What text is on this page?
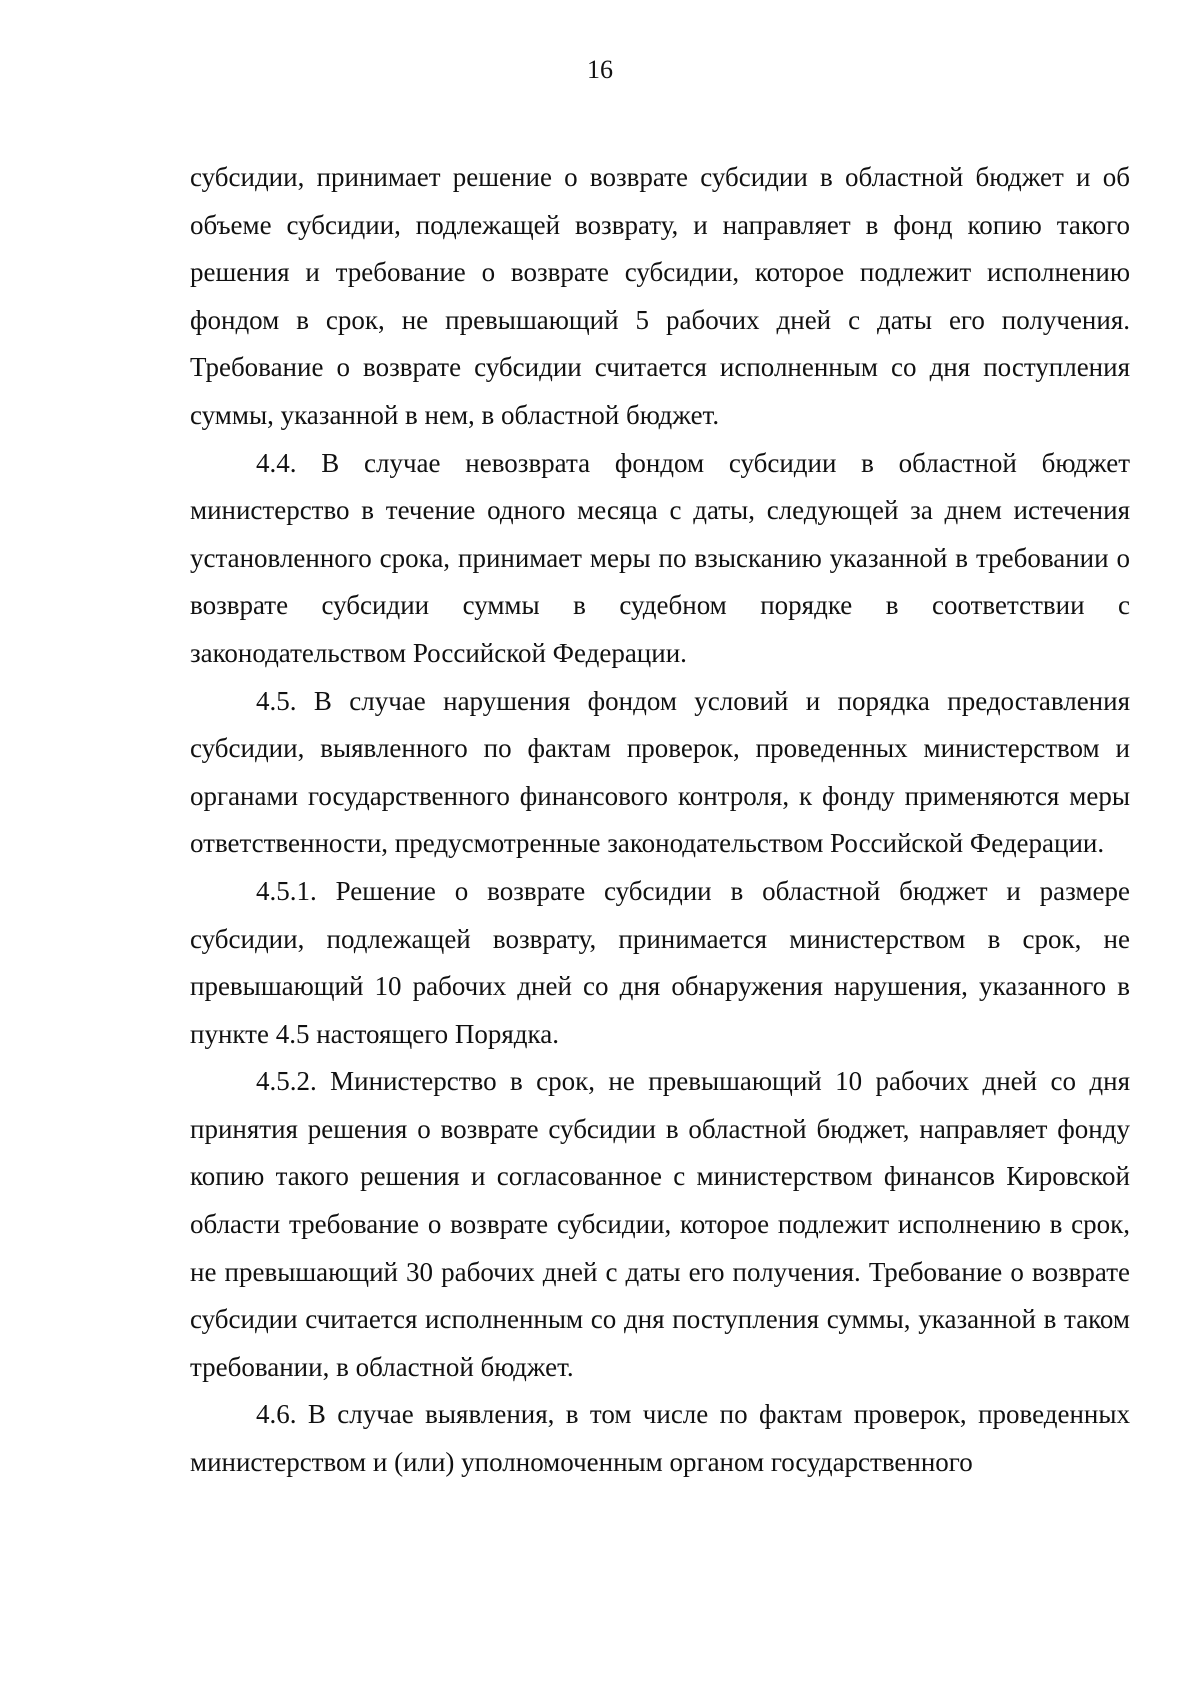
16

субсидии, принимает решение о возврате субсидии в областной бюджет и об объеме субсидии, подлежащей возврату, и направляет в фонд копию такого решения и требование о возврате субсидии, которое подлежит исполнению фондом в срок, не превышающий 5 рабочих дней с даты его получения. Требование о возврате субсидии считается исполненным со дня поступления суммы, указанной в нем, в областной бюджет.

4.4. В случае невозврата фондом субсидии в областной бюджет министерство в течение одного месяца с даты, следующей за днем истечения установленного срока, принимает меры по взысканию указанной в требовании о возврате субсидии суммы в судебном порядке в соответствии с законодательством Российской Федерации.

4.5. В случае нарушения фондом условий и порядка предоставления субсидии, выявленного по фактам проверок, проведенных министерством и органами государственного финансового контроля, к фонду применяются меры ответственности, предусмотренные законодательством Российской Федерации.

4.5.1. Решение о возврате субсидии в областной бюджет и размере субсидии, подлежащей возврату, принимается министерством в срок, не превышающий 10 рабочих дней со дня обнаружения нарушения, указанного в пункте 4.5 настоящего Порядка.

4.5.2. Министерство в срок, не превышающий 10 рабочих дней со дня принятия решения о возврате субсидии в областной бюджет, направляет фонду копию такого решения и согласованное с министерством финансов Кировской области требование о возврате субсидии, которое подлежит исполнению в срок, не превышающий 30 рабочих дней с даты его получения. Требование о возврате субсидии считается исполненным со дня поступления суммы, указанной в таком требовании, в областной бюджет.

4.6. В случае выявления, в том числе по фактам проверок, проведенных министерством и (или) уполномоченным органом государственного
